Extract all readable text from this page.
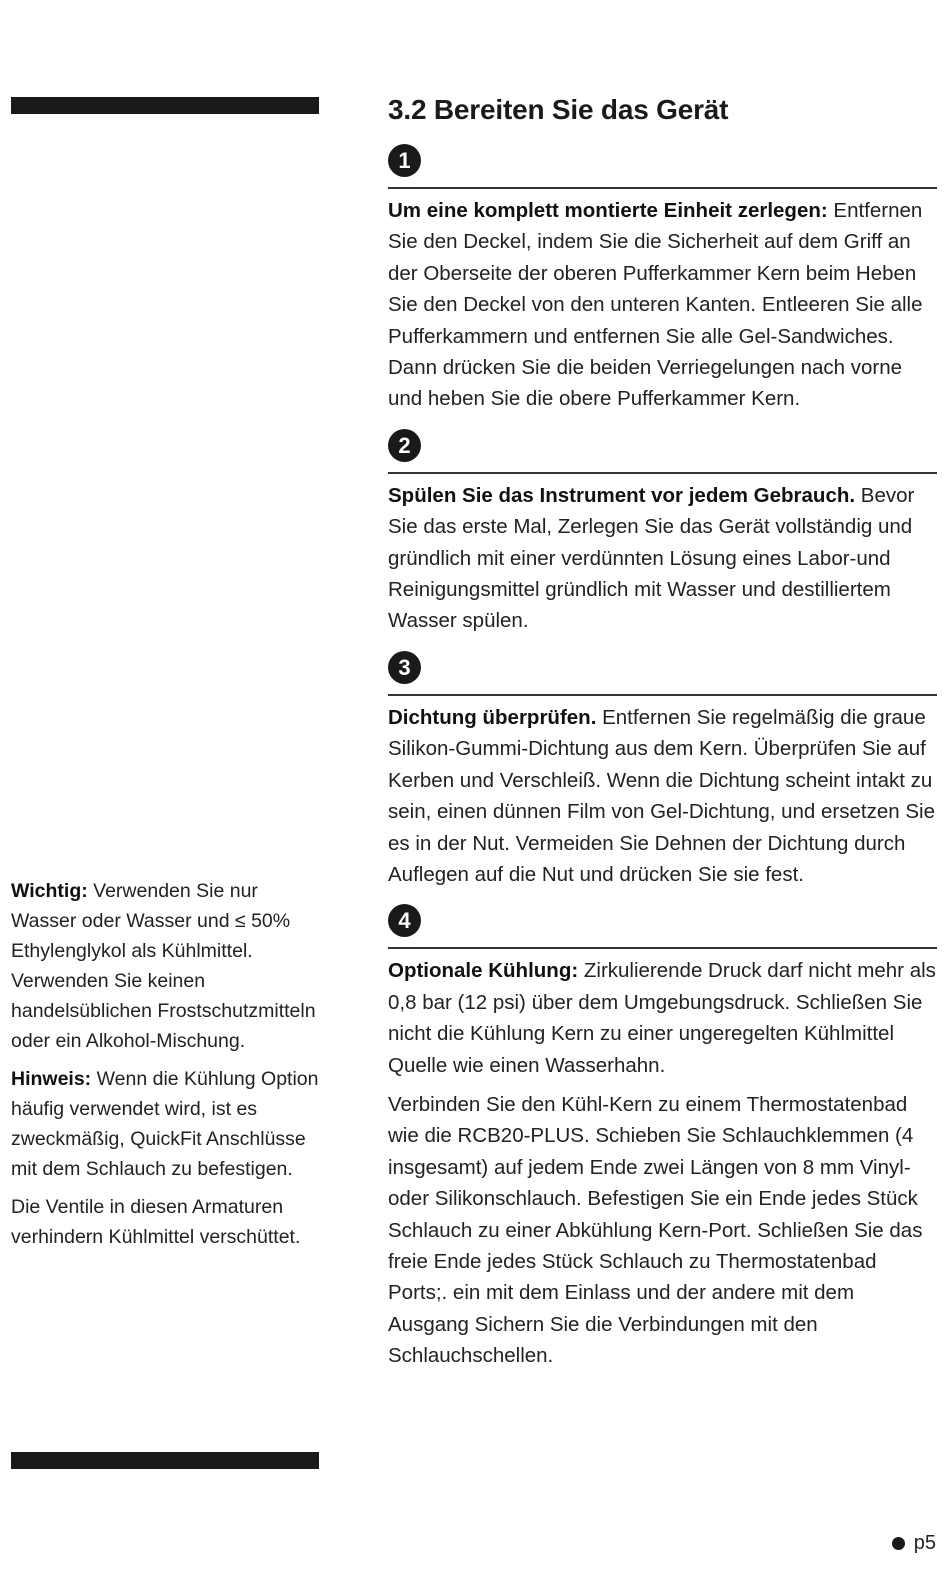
Wichtig: Verwenden Sie nur Wasser oder Wasser und ≤ 50% Ethylenglykol als Kühlmittel. Verwenden Sie keinen handelsüblichen Frostschutzmitteln oder ein Alkohol-Mischung.

Hinweis: Wenn die Kühlung Option häufig verwendet wird, ist es zweckmäßig, QuickFit Anschlüsse mit dem Schlauch zu befestigen.

Die Ventile in diesen Armaturen verhindern Kühlmittel verschüttet.

3.2 Bereiten Sie das Gerät
1

Um eine komplett montierte Einheit zerlegen: Entfernen Sie den Deckel, indem Sie die Sicherheit auf dem Griff an der Oberseite der oberen Pufferkammer Kern beim Heben Sie den Deckel von den unteren Kanten. Entleeren Sie alle Pufferkammern und entfernen Sie alle Gel-Sandwiches. Dann drücken Sie die beiden Verriegelungen nach vorne und heben Sie die obere Pufferkammer Kern.

2

Spülen Sie das Instrument vor jedem Gebrauch. Bevor Sie das erste Mal, Zerlegen Sie das Gerät vollständig und gründlich mit einer verdünnten Lösung eines Labor-und Reinigungsmittel gründlich mit Wasser und destilliertem Wasser spülen.

3

Dichtung überprüfen. Entfernen Sie regelmäßig die graue Silikon-Gummi-Dichtung aus dem Kern. Überprüfen Sie auf Kerben und Verschleiß. Wenn die Dichtung scheint intakt zu sein, einen dünnen Film von Gel-Dichtung, und ersetzen Sie es in der Nut. Vermeiden Sie Dehnen der Dichtung durch Auflegen auf die Nut und drücken Sie sie fest.

4

Optionale Kühlung: Zirkulierende Druck darf nicht mehr als 0,8 bar (12 psi) über dem Umgebungsdruck. Schließen Sie nicht die Kühlung Kern zu einer ungeregelten Kühlmittel Quelle wie einen Wasserhahn.

Verbinden Sie den Kühl-Kern zu einem Thermostatenbad wie die RCB20-PLUS. Schieben Sie Schlauchklemmen (4 insgesamt) auf jedem Ende zwei Längen von 8 mm Vinyl-oder Silikonschlauch. Befestigen Sie ein Ende jedes Stück Schlauch zu einer Abkühlung Kern-Port. Schließen Sie das freie Ende jedes Stück Schlauch zu Thermostatenbad Ports;. ein mit dem Einlass und der andere mit dem Ausgang Sichern Sie die Verbindungen mit den Schlauchschellen.

p5
